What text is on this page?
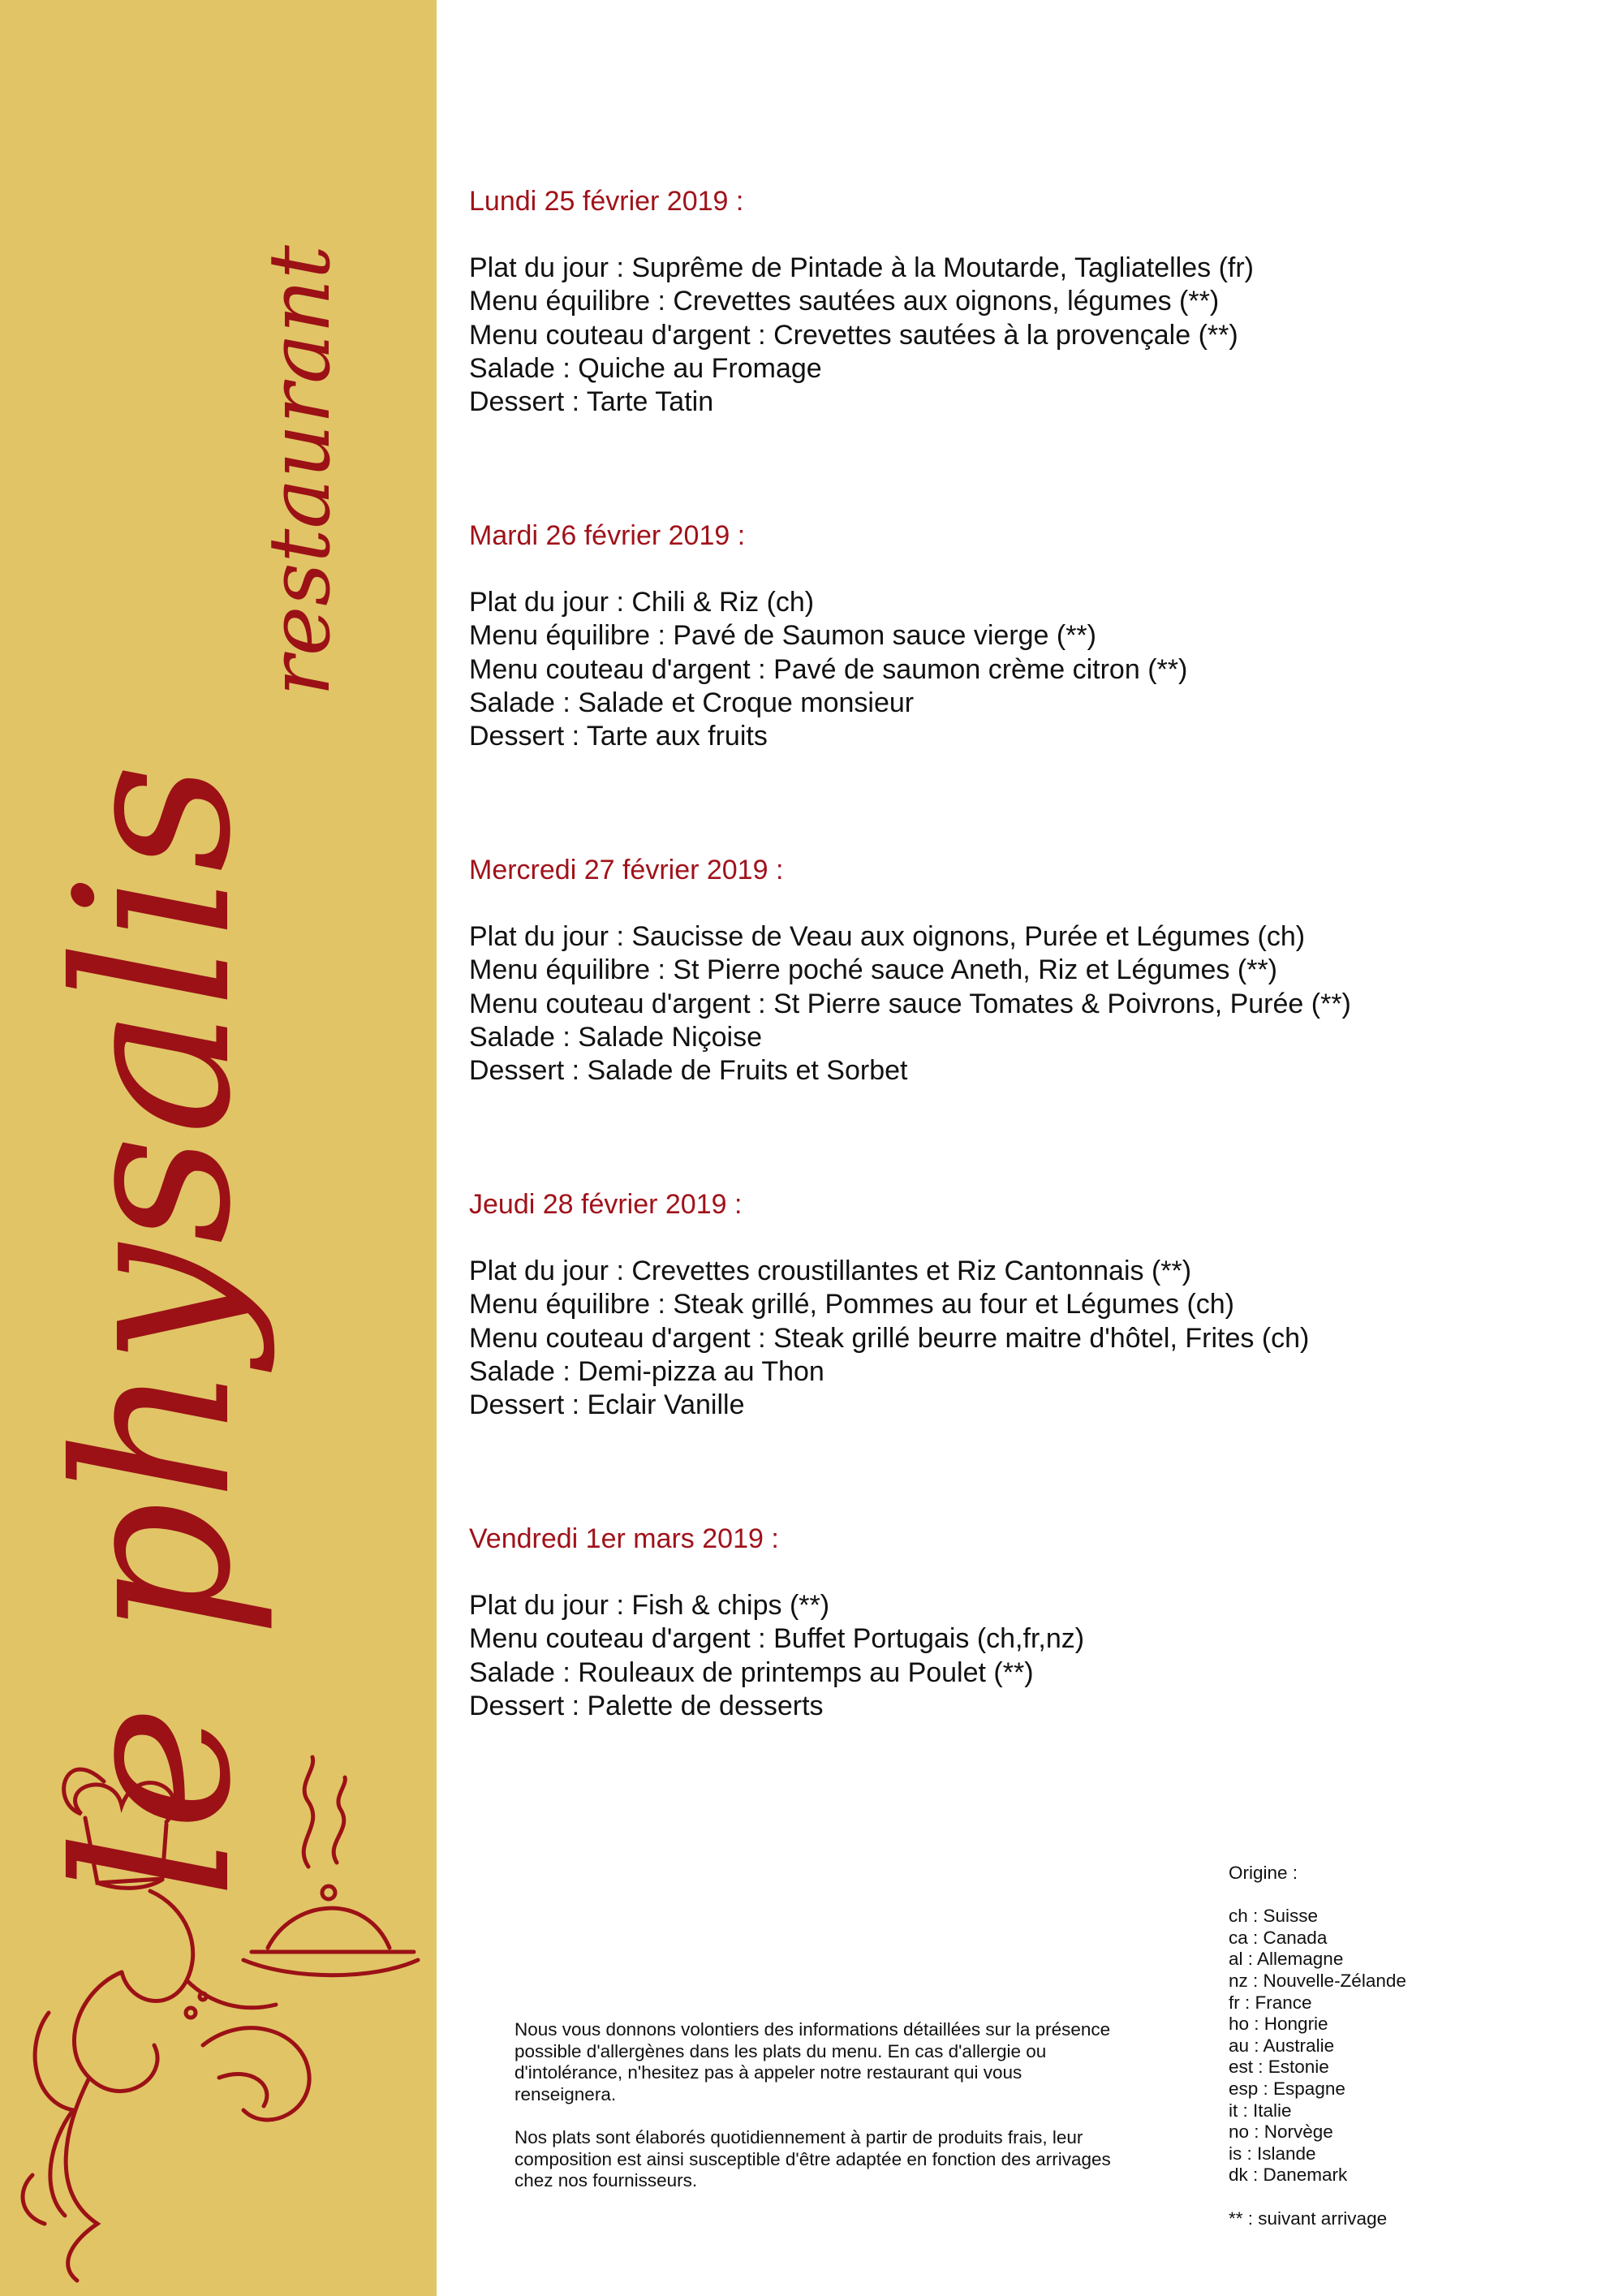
le physalis
restaurant
Lundi 25 février 2019 :
Plat du jour : Suprême de Pintade à la Moutarde, Tagliatelles (fr)
Menu équilibre : Crevettes sautées aux oignons, légumes (**)
Menu couteau d'argent : Crevettes sautées à la provençale (**)
Salade : Quiche au Fromage
Dessert : Tarte Tatin
Mardi 26 février 2019 :
Plat du jour : Chili & Riz (ch)
Menu équilibre : Pavé de Saumon sauce vierge (**)
Menu couteau d'argent : Pavé de saumon crème citron (**)
Salade : Salade et Croque monsieur
Dessert : Tarte aux fruits
Mercredi 27 février 2019 :
Plat du jour : Saucisse de Veau aux oignons, Purée et Légumes (ch)
Menu équilibre : St Pierre poché sauce Aneth, Riz et Légumes (**)
Menu couteau d'argent : St Pierre sauce Tomates & Poivrons, Purée (**)
Salade : Salade Niçoise
Dessert : Salade de Fruits et Sorbet
Jeudi 28 février 2019 :
Plat du jour : Crevettes croustillantes et Riz Cantonnais (**)
Menu équilibre : Steak grillé, Pommes au four et Légumes (ch)
Menu couteau d'argent : Steak grillé beurre maitre d'hôtel, Frites (ch)
Salade : Demi-pizza au Thon
Dessert : Eclair Vanille
Vendredi 1er mars 2019 :
Plat du jour : Fish & chips (**)
Menu couteau d'argent : Buffet Portugais (ch,fr,nz)
Salade : Rouleaux de printemps au Poulet (**)
Dessert : Palette de desserts

Nous vous donnons volontiers des informations détaillées sur la présence possible d'allergènes dans les plats du menu. En cas d'allergie ou d'intolérance, n'hesitez pas à appeler notre restaurant qui vous renseignera.

Nos plats sont élaborés quotidiennement à partir de produits frais, leur composition est ainsi susceptible d'être adaptée en fonction des arrivages chez nos fournisseurs.

Origine :
ch : Suisse
ca : Canada
al : Allemagne
nz : Nouvelle-Zélande
fr : France
ho : Hongrie
au : Australie
est : Estonie
esp : Espagne
it : Italie
no : Norvège
is : Islande
dk : Danemark
** : suivant arrivage
